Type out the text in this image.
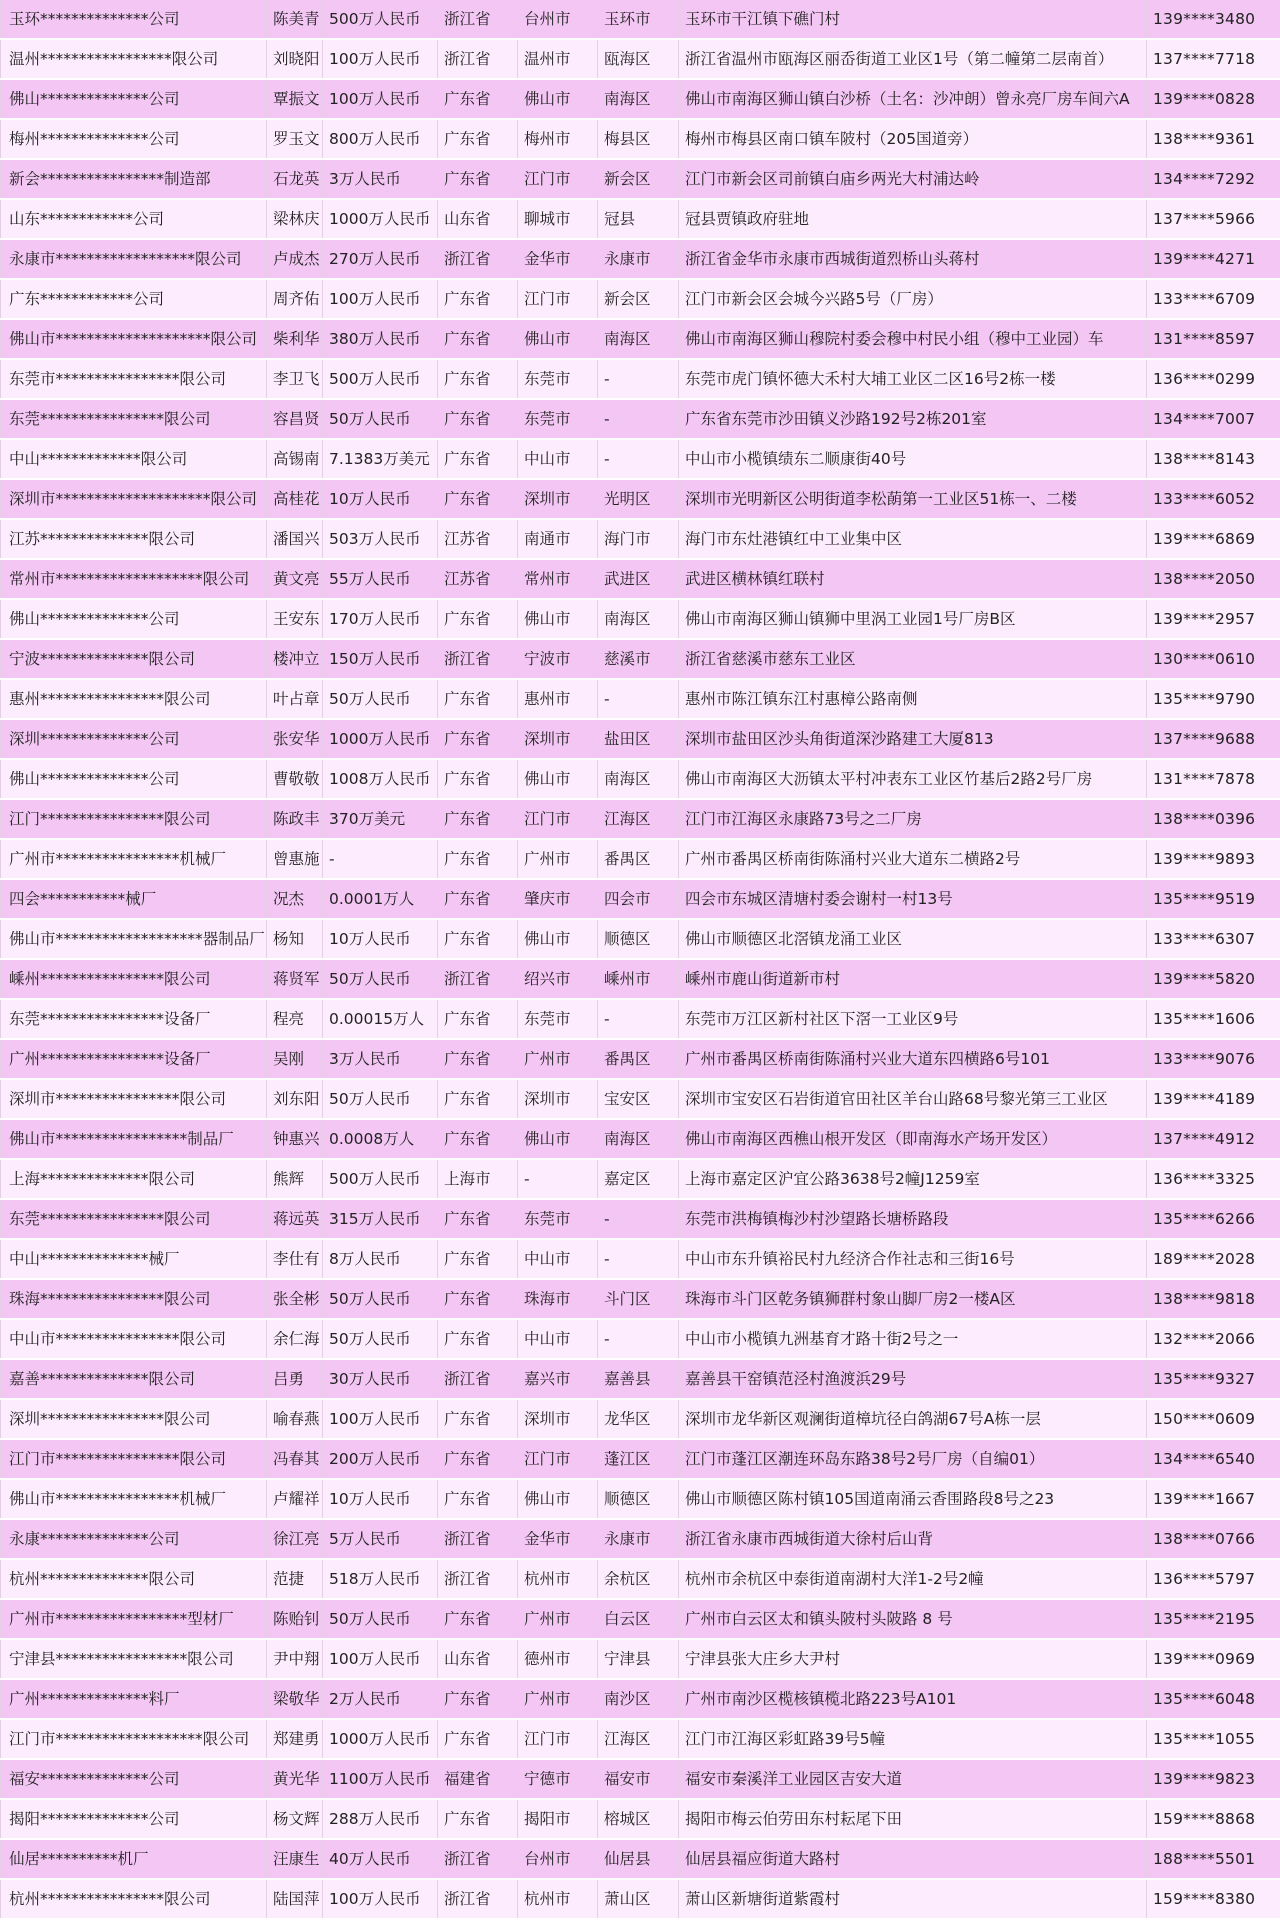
玉环**************公司	陈美青	500万人民币	浙江省	台州市	玉环市	玉环市干江镇下礁门村	139****3480
温州*****************限公司	刘晓阳	100万人民币	浙江省	温州市	瓯海区	浙江省温州市瓯海区丽岙街道工业区1号（第二幢第二层南首）	137****7718
佛山**************公司	覃振文	100万人民币	广东省	佛山市	南海区	佛山市南海区狮山镇白沙桥（土名：沙冲朗）曾永亮厂房车间六A	139****0828
梅州**************公司	罗玉文	800万人民币	广东省	梅州市	梅县区	梅州市梅县区南口镇车陂村（205国道旁）	138****9361
新会****************制造部	石龙英	3万人民币	广东省	江门市	新会区	江门市新会区司前镇白庙乡两光大村浦达岭	134****7292
山东************公司	梁林庆	1000万人民币	山东省	聊城市	冠县	冠县贾镇政府驻地	137****5966
永康市******************限公司	卢成杰	270万人民币	浙江省	金华市	永康市	浙江省金华市永康市西城街道烈桥山头蒋村	139****4271
广东************公司	周齐佑	100万人民币	广东省	江门市	新会区	江门市新会区会城今兴路5号（厂房）	133****6709
佛山市********************限公司	柴利华	380万人民币	广东省	佛山市	南海区	佛山市南海区狮山穆院村委会穆中村民小组（穆中工业园）车	131****8597
东莞市****************限公司	李卫飞	500万人民币	广东省	东莞市	-	东莞市虎门镇怀德大禾村大埔工业区二区16号2栋一楼	136****0299
东莞****************限公司	容昌贤	50万人民币	广东省	东莞市	-	广东省东莞市沙田镇义沙路192号2栋201室	134****7007
中山*************限公司	高锡南	7.1383万美元	广东省	中山市	-	中山市小榄镇绩东二顺康街40号	138****8143
深圳市********************限公司	高桂花	10万人民币	广东省	深圳市	光明区	深圳市光明新区公明街道李松蓢第一工业区51栋一、二楼	133****6052
江苏**************限公司	潘国兴	503万人民币	江苏省	南通市	海门市	海门市东灶港镇红中工业集中区	139****6869
常州市*******************限公司	黄文亮	55万人民币	江苏省	常州市	武进区	武进区横林镇红联村	138****2050
佛山**************公司	王安东	170万人民币	广东省	佛山市	南海区	佛山市南海区狮山镇狮中里涡工业园1号厂房B区	139****2957
宁波**************限公司	楼冲立	150万人民币	浙江省	宁波市	慈溪市	浙江省慈溪市慈东工业区	130****0610
惠州****************限公司	叶占章	50万人民币	广东省	惠州市	-	惠州市陈江镇东江村惠樟公路南侧	135****9790
深圳**************公司	张安华	1000万人民币	广东省	深圳市	盐田区	深圳市盐田区沙头角街道深沙路建工大厦813	137****9688
佛山**************公司	曹敬敬	1008万人民币	广东省	佛山市	南海区	佛山市南海区大沥镇太平村冲表东工业区竹基后2路2号厂房	131****7878
江门****************限公司	陈政丰	370万美元	广东省	江门市	江海区	江门市江海区永康路73号之二厂房	138****0396
广州市****************机械厂	曾惠施	-	广东省	广州市	番禺区	广州市番禺区桥南街陈涌村兴业大道东二横路2号	139****9893
四会***********械厂	况杰	0.0001万人	广东省	肇庆市	四会市	四会市东城区清塘村委会谢村一村13号	135****9519
佛山市*******************器制品厂	杨知	10万人民币	广东省	佛山市	顺德区	佛山市顺德区北滘镇龙涌工业区	133****6307
嵊州****************限公司	蒋贤军	50万人民币	浙江省	绍兴市	嵊州市	嵊州市鹿山街道新市村	139****5820
东莞****************设备厂	程亮	0.00015万人	广东省	东莞市	-	东莞市万江区新村社区下滘一工业区9号	135****1606
广州****************设备厂	吴刚	3万人民币	广东省	广州市	番禺区	广州市番禺区桥南街陈涌村兴业大道东四横路6号101	133****9076
深圳市****************限公司	刘东阳	50万人民币	广东省	深圳市	宝安区	深圳市宝安区石岩街道官田社区羊台山路68号黎光第三工业区	139****4189
佛山市*****************制品厂	钟惠兴	0.0008万人	广东省	佛山市	南海区	佛山市南海区西樵山根开发区（即南海水产场开发区）	137****4912
上海**************限公司	熊辉	500万人民币	上海市	-	嘉定区	上海市嘉定区沪宜公路3638号2幢J1259室	136****3325
东莞****************限公司	蒋远英	315万人民币	广东省	东莞市	-	东莞市洪梅镇梅沙村沙望路长塘桥路段	135****6266
中山**************械厂	李仕有	8万人民币	广东省	中山市	-	中山市东升镇裕民村九经济合作社志和三街16号	189****2028
珠海****************限公司	张全彬	50万人民币	广东省	珠海市	斗门区	珠海市斗门区乾务镇狮群村象山脚厂房2一楼A区	138****9818
中山市****************限公司	余仁海	50万人民币	广东省	中山市	-	中山市小榄镇九洲基育才路十街2号之一	132****2066
嘉善**************限公司	吕勇	30万人民币	浙江省	嘉兴市	嘉善县	嘉善县干窑镇范泾村渔渡浜29号	135****9327
深圳****************限公司	喻春燕	100万人民币	广东省	深圳市	龙华区	深圳市龙华新区观澜街道樟坑径白鸽湖67号A栋一层	150****0609
江门市****************限公司	冯春其	200万人民币	广东省	江门市	蓬江区	江门市蓬江区潮连环岛东路38号2号厂房（自编01）	134****6540
佛山市****************机械厂	卢耀祥	10万人民币	广东省	佛山市	顺德区	佛山市顺德区陈村镇105国道南涌云香围路段8号之23	139****1667
永康**************公司	徐江亮	5万人民币	浙江省	金华市	永康市	浙江省永康市西城街道大徐村后山背	138****0766
杭州**************限公司	范捷	518万人民币	浙江省	杭州市	余杭区	杭州市余杭区中泰街道南湖村大洋1-2号2幢	136****5797
广州市*****************型材厂	陈贻钊	50万人民币	广东省	广州市	白云区	广州市白云区太和镇头陂村头陂路 8 号	135****2195
宁津县*****************限公司	尹中翔	100万人民币	山东省	德州市	宁津县	宁津县张大庄乡大尹村	139****0969
广州**************料厂	梁敬华	2万人民币	广东省	广州市	南沙区	广州市南沙区榄核镇榄北路223号A101	135****6048
江门市*******************限公司	郑建勇	1000万人民币	广东省	江门市	江海区	江门市江海区彩虹路39号5幢	135****1055
福安**************公司	黄光华	1100万人民币	福建省	宁德市	福安市	福安市秦溪洋工业园区吉安大道	139****9823
揭阳**************公司	杨文辉	288万人民币	广东省	揭阳市	榕城区	揭阳市梅云伯劳田东村耘尾下田	159****8868
仙居**********机厂	汪康生	40万人民币	浙江省	台州市	仙居县	仙居县福应街道大路村	188****5501
杭州****************限公司	陆国萍	100万人民币	浙江省	杭州市	萧山区	萧山区新塘街道紫霞村	159****8380
